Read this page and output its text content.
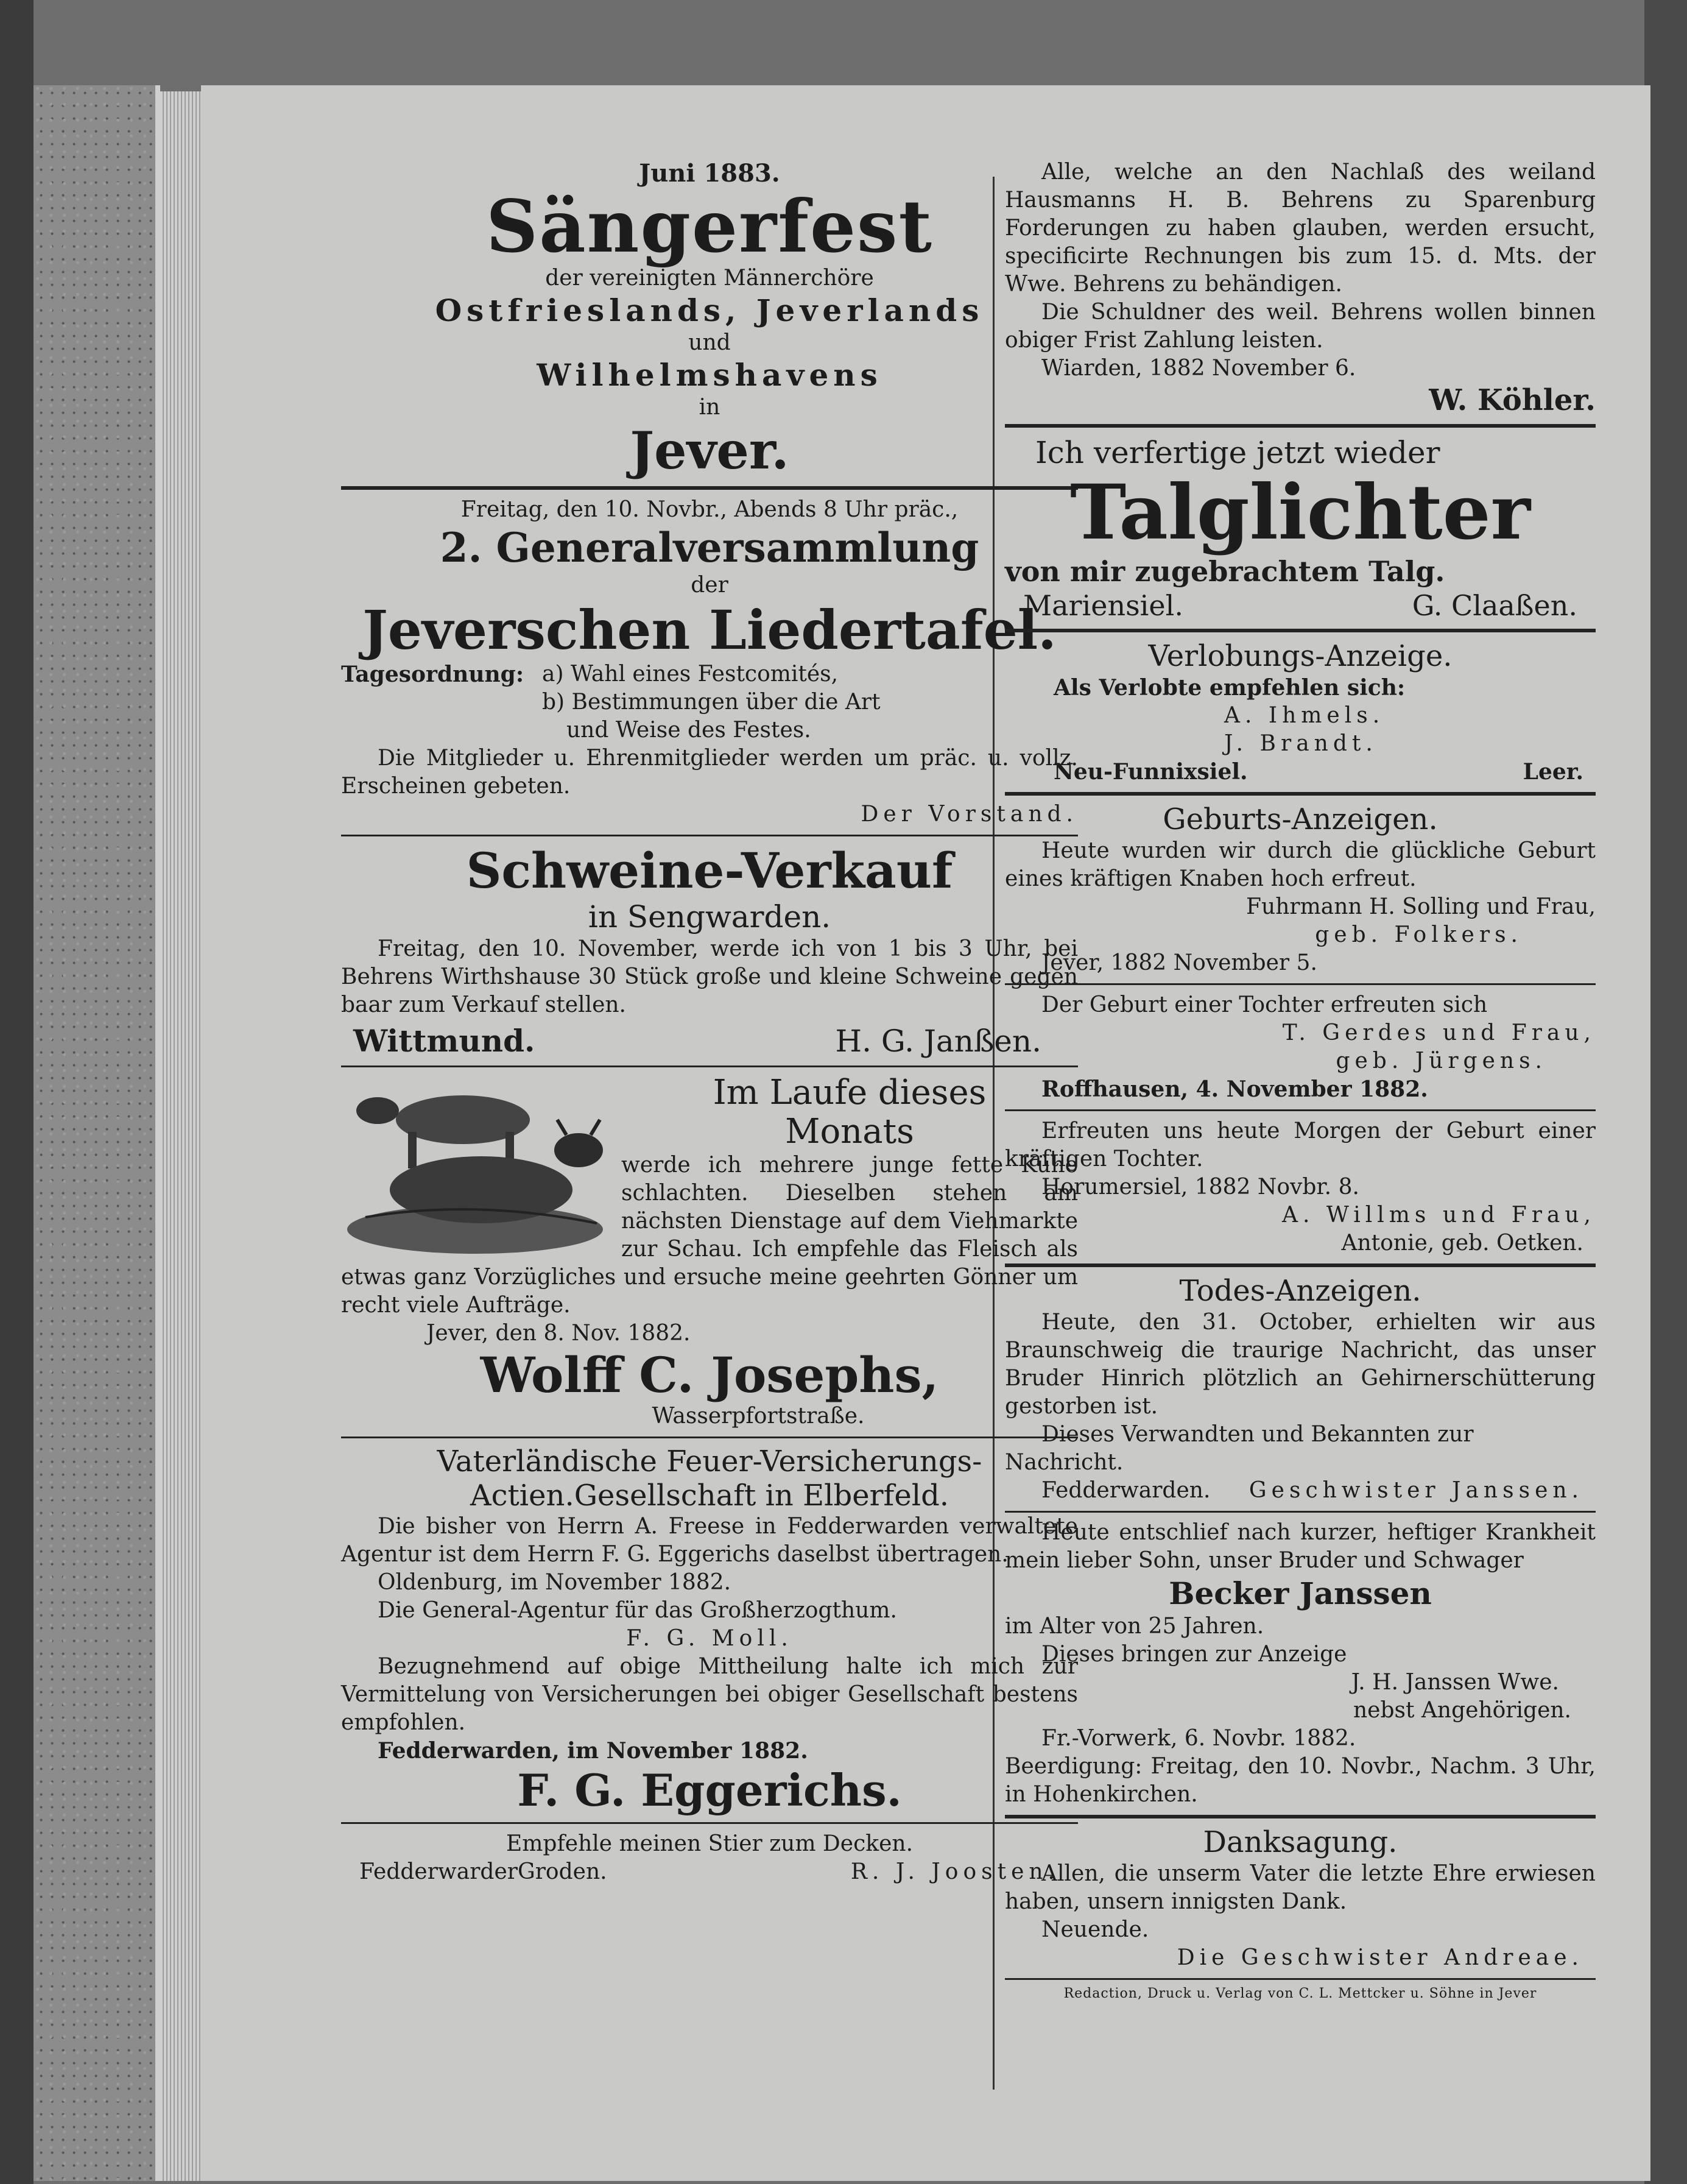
Juni 1883.

Sängerfest

der vereinigten Männerchöre

Ostfrieslands, Jeverlands

und

Wilhelmshavens

in

Jever.

Freitag, den 10. Novbr., Abends 8 Uhr präc.,

2. Generalversammlung

der

Jeverschen Liedertafel.

Tagesordnung: a) Wahl eines Festcomités,

b) Bestimmungen über die Art

und Weise des Festes.

Die Mitglieder u. Ehrenmitglieder werden um präc. u. vollz. Erscheinen gebeten.

Der Vorstand.

Schweine-Verkauf

in Sengwarden.

Freitag, den 10. November, werde ich von 1 bis 3 Uhr, bei Behrens Wirthshause 30 Stück große und kleine Schweine gegen baar zum Verkauf stellen.

Wittmund.	H. G. Janßen.

Im Laufe dieses

Monats

werde ich mehrere junge fette Kühe schlachten. Dieselben stehen am nächsten Dienstage auf dem Viehmarkte zur Schau. Ich empfehle das Fleisch als etwas ganz Vorzügliches und ersuche meine geehrten Gönner um recht viele Aufträge.

Jever, den 8. Nov. 1882.

Wolff C. Josephs,

Wasserpfortstraße.

Vaterländische Feuer-Versicherungs-

Actien.Gesellschaft in Elberfeld.

Die bisher von Herrn A. Freese in Fedderwarden verwaltete Agentur ist dem Herrn F. G. Eggerichs daselbst übertragen.

Oldenburg, im November 1882.

Die General-Agentur für das Großherzogthum.

F. G. Moll.

Bezugnehmend auf obige Mittheilung halte ich mich zur Vermittelung von Versicherungen bei obiger Gesellschaft bestens empfohlen.

Fedderwarden, im November 1882.

F. G. Eggerichs.

Empfehle meinen Stier zum Decken.

FedderwarderGroden.	R. J. Joosten.

Alle, welche an den Nachlaß des weiland Hausmanns H. B. Behrens zu Sparenburg Forderungen zu haben glauben, werden ersucht, specificirte Rechnungen bis zum 15. d. Mts. der Wwe. Behrens zu behändigen.

Die Schuldner des weil. Behrens wollen binnen obiger Frist Zahlung leisten.

Wiarden, 1882 November 6.

W. Köhler.

Ich verfertige jetzt wieder

Talglichter

von mir zugebrachtem Talg.

Mariensiel.	G. Claaßen.

Verlobungs-Anzeige.

Als Verlobte empfehlen sich:

A. Ihmels.

J. Brandt.

Neu-Funnixsiel.	Leer.

Geburts-Anzeigen.

Heute wurden wir durch die glückliche Geburt eines kräftigen Knaben hoch erfreut.

Fuhrmann H. Solling und Frau,

geb. Folkers.

Jever, 1882 November 5.

Der Geburt einer Tochter erfreuten sich

T. Gerdes und Frau,

geb. Jürgens.

Roffhausen, 4. November 1882.

Erfreuten uns heute Morgen der Geburt einer kräftigen Tochter.

Horumersiel, 1882 Novbr. 8.

A. Willms und Frau,

Antonie, geb. Oetken.

Todes-Anzeigen.

Heute, den 31. October, erhielten wir aus Braunschweig die traurige Nachricht, das unser Bruder Hinrich plötzlich an Gehirnerschütterung gestorben ist.

Dieses Verwandten und Bekannten zur Nachricht.

Fedderwarden. Geschwister Janssen.

Heute entschlief nach kurzer, heftiger Krankheit mein lieber Sohn, unser Bruder und Schwager

Becker Janssen

im Alter von 25 Jahren.

Dieses bringen zur Anzeige

J. H. Janssen Wwe.

nebst Angehörigen.

Fr.-Vorwerk, 6. Novbr. 1882.

Beerdigung: Freitag, den 10. Novbr., Nachm. 3 Uhr, in Hohenkirchen.

Danksagung.

Allen, die unserm Vater die letzte Ehre erwiesen haben, unsern innigsten Dank.

Neuende.

Die Geschwister Andreae.

Redaction, Druck u. Verlag von C. L. Mettcker u. Söhne in Jever
